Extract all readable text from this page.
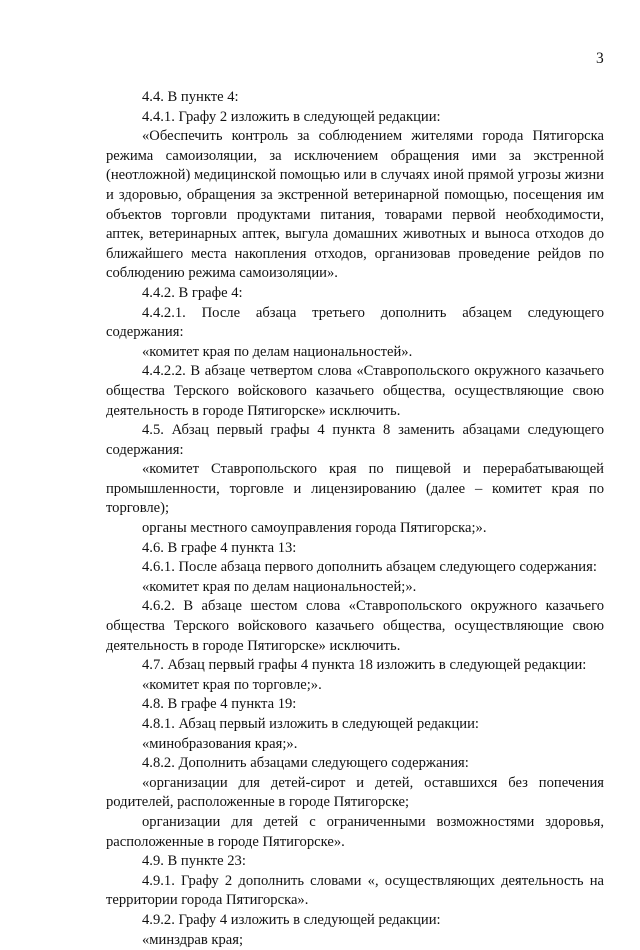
3

4.4. В пункте 4:

4.4.1. Графу 2 изложить в следующей редакции:

«Обеспечить контроль за соблюдением жителями города Пятигорска режима самоизоляции, за исключением обращения ими за экстренной (неотложной) медицинской помощью или в случаях иной прямой угрозы жизни и здоровью, обращения за экстренной ветеринарной помощью, посещения им объектов торговли продуктами питания, товарами первой необходимости, аптек, ветеринарных аптек, выгула домашних животных и выноса отходов до ближайшего места накопления отходов, организовав проведение рейдов по соблюдению режима самоизоляции».

4.4.2. В графе 4:

4.4.2.1. После абзаца третьего дополнить абзацем следующего содержания:

«комитет края по делам национальностей».

4.4.2.2. В абзаце четвертом слова «Ставропольского окружного казачьего общества Терского войскового казачьего общества, осуществляющие свою деятельность в городе Пятигорске» исключить.

4.5. Абзац первый графы 4 пункта 8 заменить абзацами следующего содержания:

«комитет Ставропольского края по пищевой и перерабатывающей промышленности, торговле и лицензированию (далее – комитет края по торговле);

органы местного самоуправления города Пятигорска;».

4.6. В графе 4 пункта 13:

4.6.1. После абзаца первого дополнить абзацем следующего содержания:

«комитет края по делам национальностей;».

4.6.2. В абзаце шестом слова «Ставропольского окружного казачьего общества Терского войскового казачьего общества, осуществляющие свою деятельность в городе Пятигорске» исключить.

4.7. Абзац первый графы 4 пункта 18 изложить в следующей редакции:

«комитет края по торговле;».

4.8. В графе 4 пункта 19:

4.8.1. Абзац первый изложить в следующей редакции:

«минобразования края;».

4.8.2. Дополнить абзацами следующего содержания:

«организации для детей-сирот и детей, оставшихся без попечения родителей, расположенные в городе Пятигорске;

организации для детей с ограниченными возможностями здоровья, расположенные в городе Пятигорске».

4.9. В пункте 23:

4.9.1. Графу 2 дополнить словами «, осуществляющих деятельность на территории города Пятигорска».

4.9.2. Графу 4 изложить в следующей редакции:

«минздрав края;
